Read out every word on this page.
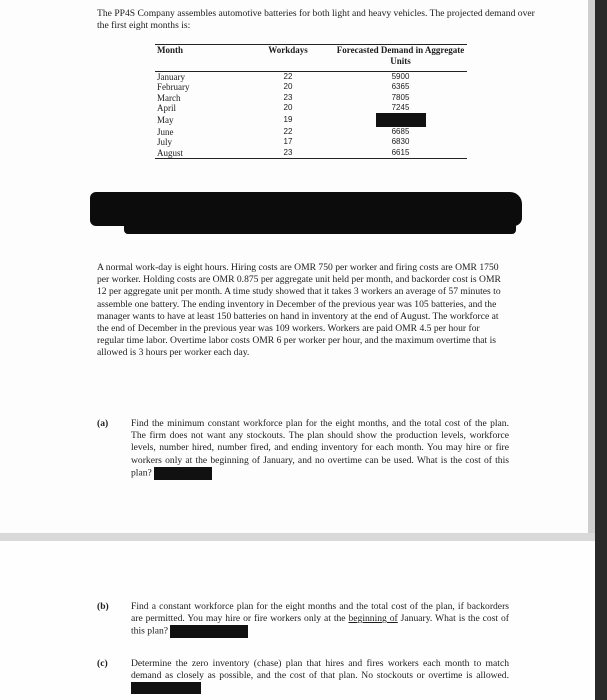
The PP4S Company assembles automotive batteries for both light and heavy vehicles. The projected demand over the first eight months is:
Month	Workdays	Forecasted Demand in Aggregate Units
January	22	5900
February	20	6365
March	23	7805
April	20	7245
May	19	
June	22	6685
July	17	6830
August	23	6615
A normal work-day is eight hours. Hiring costs are OMR 750 per worker and firing costs are OMR 1750 per worker. Holding costs are OMR 0.875 per aggregate unit held per month, and backorder cost is OMR 12 per aggregate unit per month. A time study showed that it takes 3 workers an average of 57 minutes to assemble one battery. The ending inventory in December of the previous year was 105 batteries, and the manager wants to have at least 150 batteries on hand in inventory at the end of August. The workforce at the end of December in the previous year was 109 workers. Workers are paid OMR 4.5 per hour for regular time labor. Overtime labor costs OMR 6 per worker per hour, and the maximum overtime that is allowed is 3 hours per worker each day.
(a) Find the minimum constant workforce plan for the eight months, and the total cost of the plan. The firm does not want any stockouts. The plan should show the production levels, workforce levels, number hired, number fired, and ending inventory for each month. You may hire or fire workers only at the beginning of January, and no overtime can be used. What is the cost of this plan?
(b) Find a constant workforce plan for the eight months and the total cost of the plan, if backorders are permitted. You may hire or fire workers only at the beginning of January. What is the cost of this plan?
(c) Determine the zero inventory (chase) plan that hires and fires workers each month to match demand as closely as possible, and the cost of that plan. No stockouts or overtime is allowed.
